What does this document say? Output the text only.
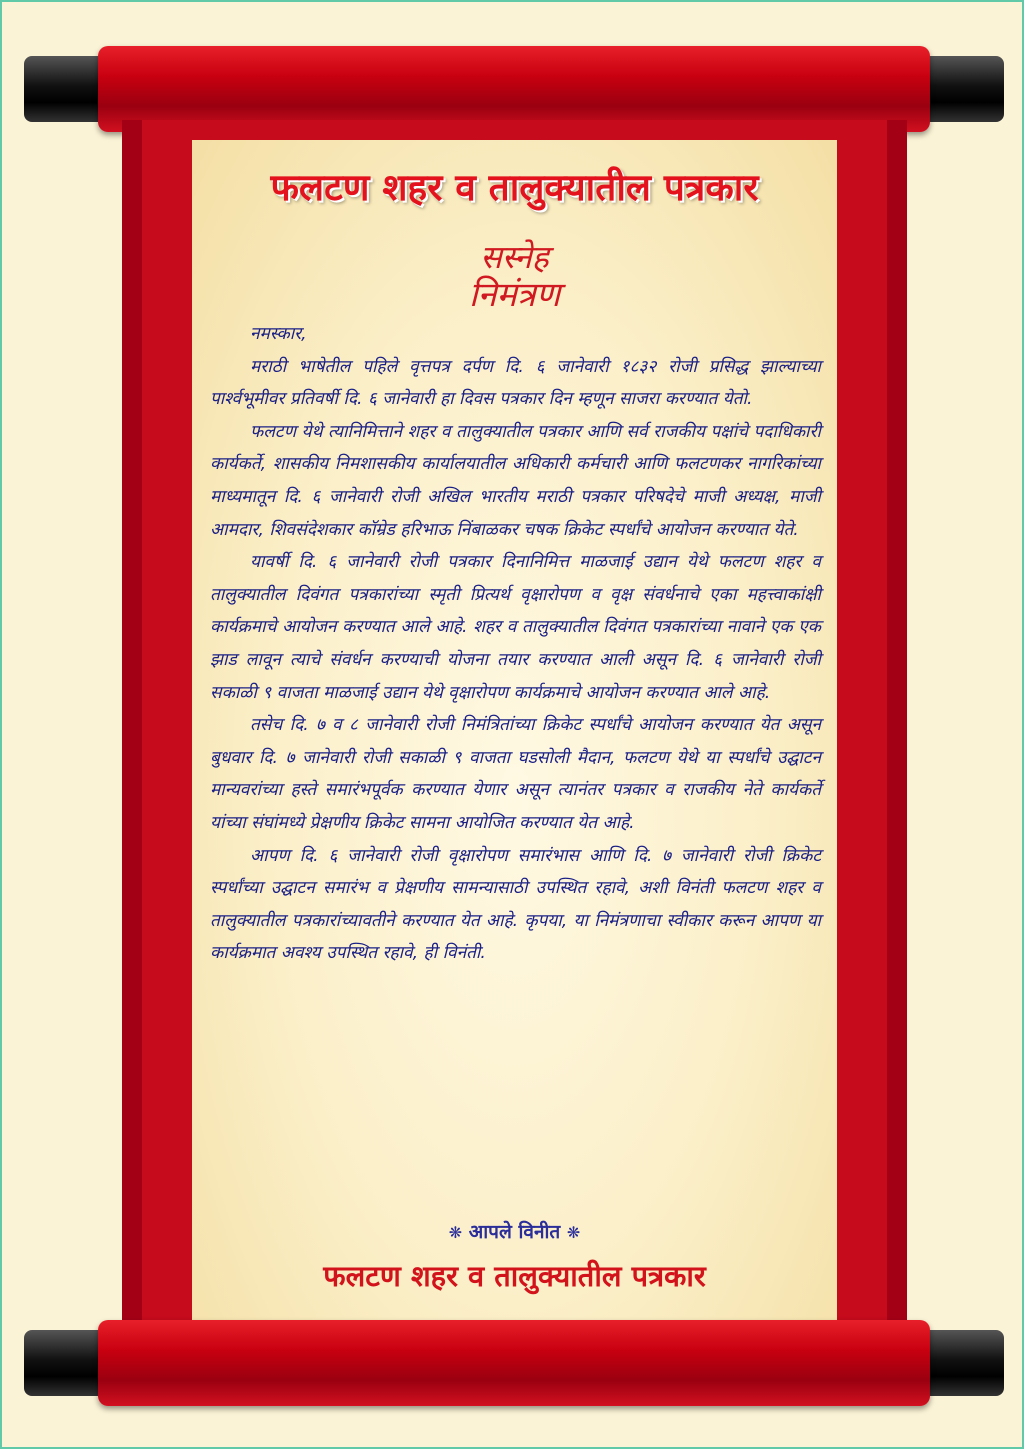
फलटण शहर व तालुक्यातील पत्रकार
सस्नेह
निमंत्रण

नमस्कार,

मराठी भाषेतील पहिले वृत्तपत्र दर्पण दि. ६ जानेवारी १८३२ रोजी प्रसिद्ध झाल्याच्या पार्श्वभूमीवर प्रतिवर्षी दि. ६ जानेवारी हा दिवस पत्रकार दिन म्हणून साजरा करण्यात येतो.

फलटण येथे त्यानिमित्ताने शहर व तालुक्यातील पत्रकार आणि सर्व राजकीय पक्षांचे पदाधिकारी कार्यकर्ते, शासकीय निमशासकीय कार्यालयातील अधिकारी कर्मचारी आणि फलटणकर नागरिकांच्या माध्यमातून दि. ६ जानेवारी रोजी अखिल भारतीय मराठी पत्रकार परिषदेचे माजी अध्यक्ष, माजी आमदार, शिवसंदेशकार कॉम्रेड हरिभाऊ निंबाळकर चषक क्रिकेट स्पर्धांचे आयोजन करण्यात येते.

यावर्षी दि. ६ जानेवारी रोजी पत्रकार दिनानिमित्त माळजाई उद्यान येथे फलटण शहर व तालुक्यातील दिवंगत पत्रकारांच्या स्मृती प्रित्यर्थ वृक्षारोपण व वृक्ष संवर्धनाचे एका महत्त्वाकांक्षी कार्यक्रमाचे आयोजन करण्यात आले आहे. शहर व तालुक्यातील दिवंगत पत्रकारांच्या नावाने एक एक झाड लावून त्याचे संवर्धन करण्याची योजना तयार करण्यात आली असून दि. ६ जानेवारी रोजी सकाळी ९ वाजता माळजाई उद्यान येथे वृक्षारोपण कार्यक्रमाचे आयोजन करण्यात आले आहे.

तसेच दि. ७ व ८ जानेवारी रोजी निमंत्रितांच्या क्रिकेट स्पर्धांचे आयोजन करण्यात येत असून बुधवार दि. ७ जानेवारी रोजी सकाळी ९ वाजता घडसोली मैदान, फलटण येथे या स्पर्धांचे उद्घाटन मान्यवरांच्या हस्ते समारंभपूर्वक करण्यात येणार असून त्यानंतर पत्रकार व राजकीय नेते कार्यकर्ते यांच्या संघांमध्ये प्रेक्षणीय क्रिकेट सामना आयोजित करण्यात येत आहे.

आपण दि. ६ जानेवारी रोजी वृक्षारोपण समारंभास आणि दि. ७ जानेवारी रोजी क्रिकेट स्पर्धांच्या उद्घाटन समारंभ व प्रेक्षणीय सामन्यासाठी उपस्थित रहावे, अशी विनंती फलटण शहर व तालुक्यातील पत्रकारांच्यावतीने करण्यात येत आहे. कृपया, या निमंत्रणाचा स्वीकार करून आपण या कार्यक्रमात अवश्य उपस्थित रहावे, ही विनंती.

❋ आपले विनीत ❋
फलटण शहर व तालुक्यातील पत्रकार
